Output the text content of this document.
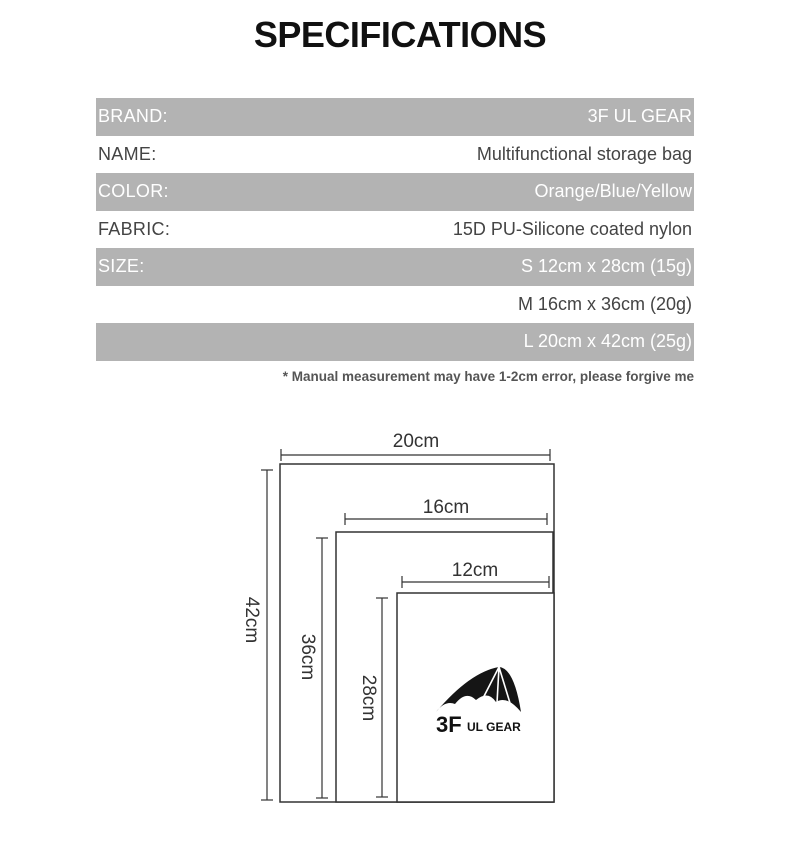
SPECIFICATIONS
BRAND:	3F UL GEAR
NAME:	Multifunctional storage bag
COLOR:	Orange/Blue/Yellow
FABRIC:	15D PU-Silicone coated nylon
SIZE:	S 12cm x 28cm (15g)
M 16cm x 36cm (20g)
L 20cm x 42cm (25g)
* Manual measurement may have 1-2cm error, please forgive me
20cm
16cm
12cm
42cm
36cm
28cm
3F UL GEAR
